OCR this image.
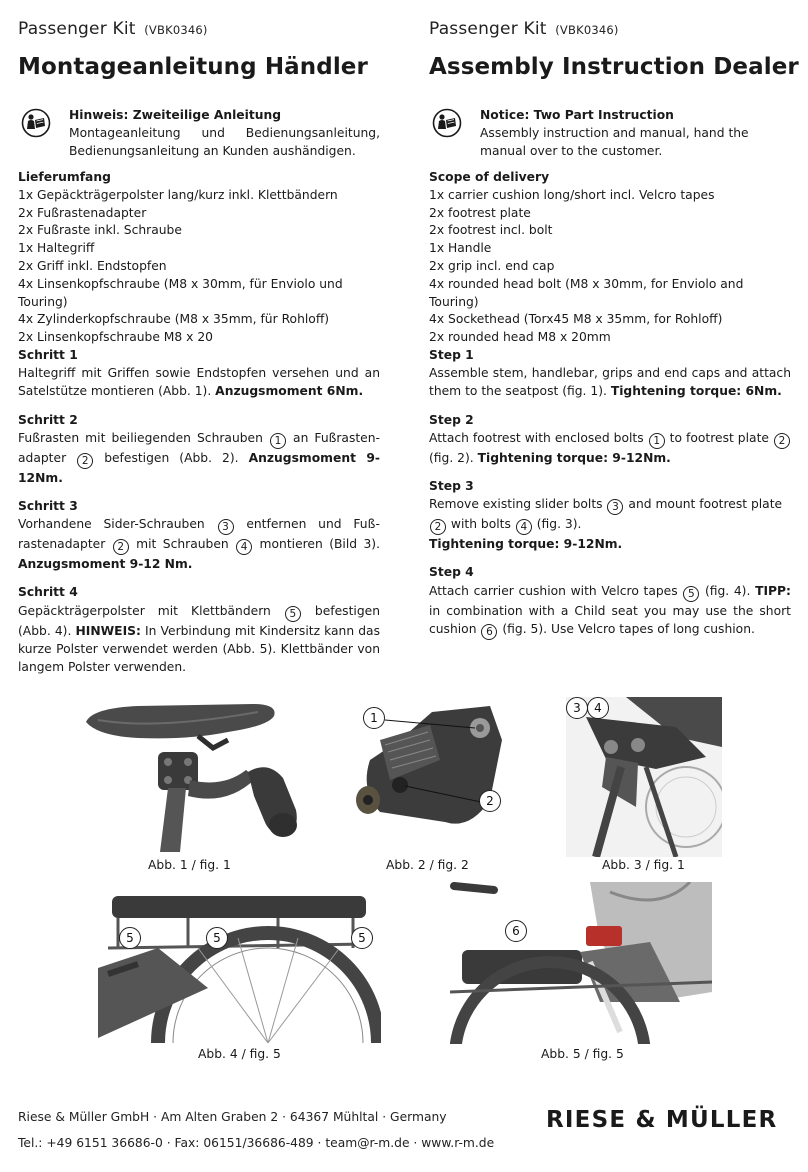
Passenger Kit (VBK0346)
Montageanleitung Händler
Hinweis: Zweiteilige Anleitung
Montageanleitung und Bedienungsanleitung, Bedienungsanleitung an Kunden aushändigen.
Lieferumfang
1x Gepäckträgerpolster lang/kurz inkl. Klettbändern
2x Fußrastenadapter
2x Fußraste inkl. Schraube
1x Haltegriff
2x Griff inkl. Endstopfen
4x Linsenkopfschraube (M8 x 30mm, für Enviolo und Touring)
4x Zylinderkopfschraube (M8 x 35mm, für Rohloff)
2x Linsenkopfschraube M8 x 20
Schritt 1
Haltegriff mit Griffen sowie Endstopfen versehen und an Satelstütze montieren (Abb. 1). Anzugsmoment 6Nm.
Schritt 2
Fußrasten mit beiliegenden Schrauben 1 an Fußrasten-adapter 2 befestigen (Abb. 2). Anzugsmoment 9-12Nm.
Schritt 3
Vorhandene Sider-Schrauben 3 entfernen und Fuß-rastenadapter 2 mit Schrauben 4 montieren (Bild 3). Anzugsmoment 9-12 Nm.
Schritt 4
Gepäckträgerpolster mit Klettbändern 5 befestigen (Abb. 4). HINWEIS: In Verbindung mit Kindersitz kann das kurze Polster verwendet werden (Abb. 5). Klettbänder von langem Polster verwenden.
Passenger Kit (VBK0346)
Assembly Instruction Dealer
Notice: Two Part Instruction
Assembly instruction and manual, hand the manual over to the customer.
Scope of delivery
1x carrier cushion long/short incl. Velcro tapes
2x footrest plate
2x footrest incl. bolt
1x Handle
2x grip incl. end cap
4x rounded head bolt (M8 x 30mm, for Enviolo and Touring)
4x Sockethead (Torx45 M8 x 35mm, for Rohloff)
2x rounded head M8 x 20mm
Step 1
Assemble stem, handlebar, grips and end caps and attach them to the seatpost (fig. 1). Tightening torque: 6Nm.
Step 2
Attach footrest with enclosed bolts 1 to footrest plate 2 (fig. 2). Tightening torque: 9-12Nm.
Step 3
Remove existing slider bolts 3 and mount footrest plate 2 with bolts 4 (fig. 3).
Tightening torque: 9-12Nm.
Step 4
Attach carrier cushion with Velcro tapes 5 (fig. 4). TIPP: in combination with a Child seat you may use the short cushion 6 (fig. 5). Use Velcro tapes of long cushion.
Abb. 1 / fig. 1
1
2
Abb. 2 / fig. 2
3	4
Abb. 3 / fig. 1
5	5	5
Abb. 4 / fig. 5
6
Abb. 5 / fig. 5
Riese & Müller GmbH · Am Alten Graben 2 · 64367 Mühltal · Germany
Tel.: +49 6151 36686-0 · Fax: 06151/36686-489 · team@r-m.de · www.r-m.de
RIESE & MÜLLER
